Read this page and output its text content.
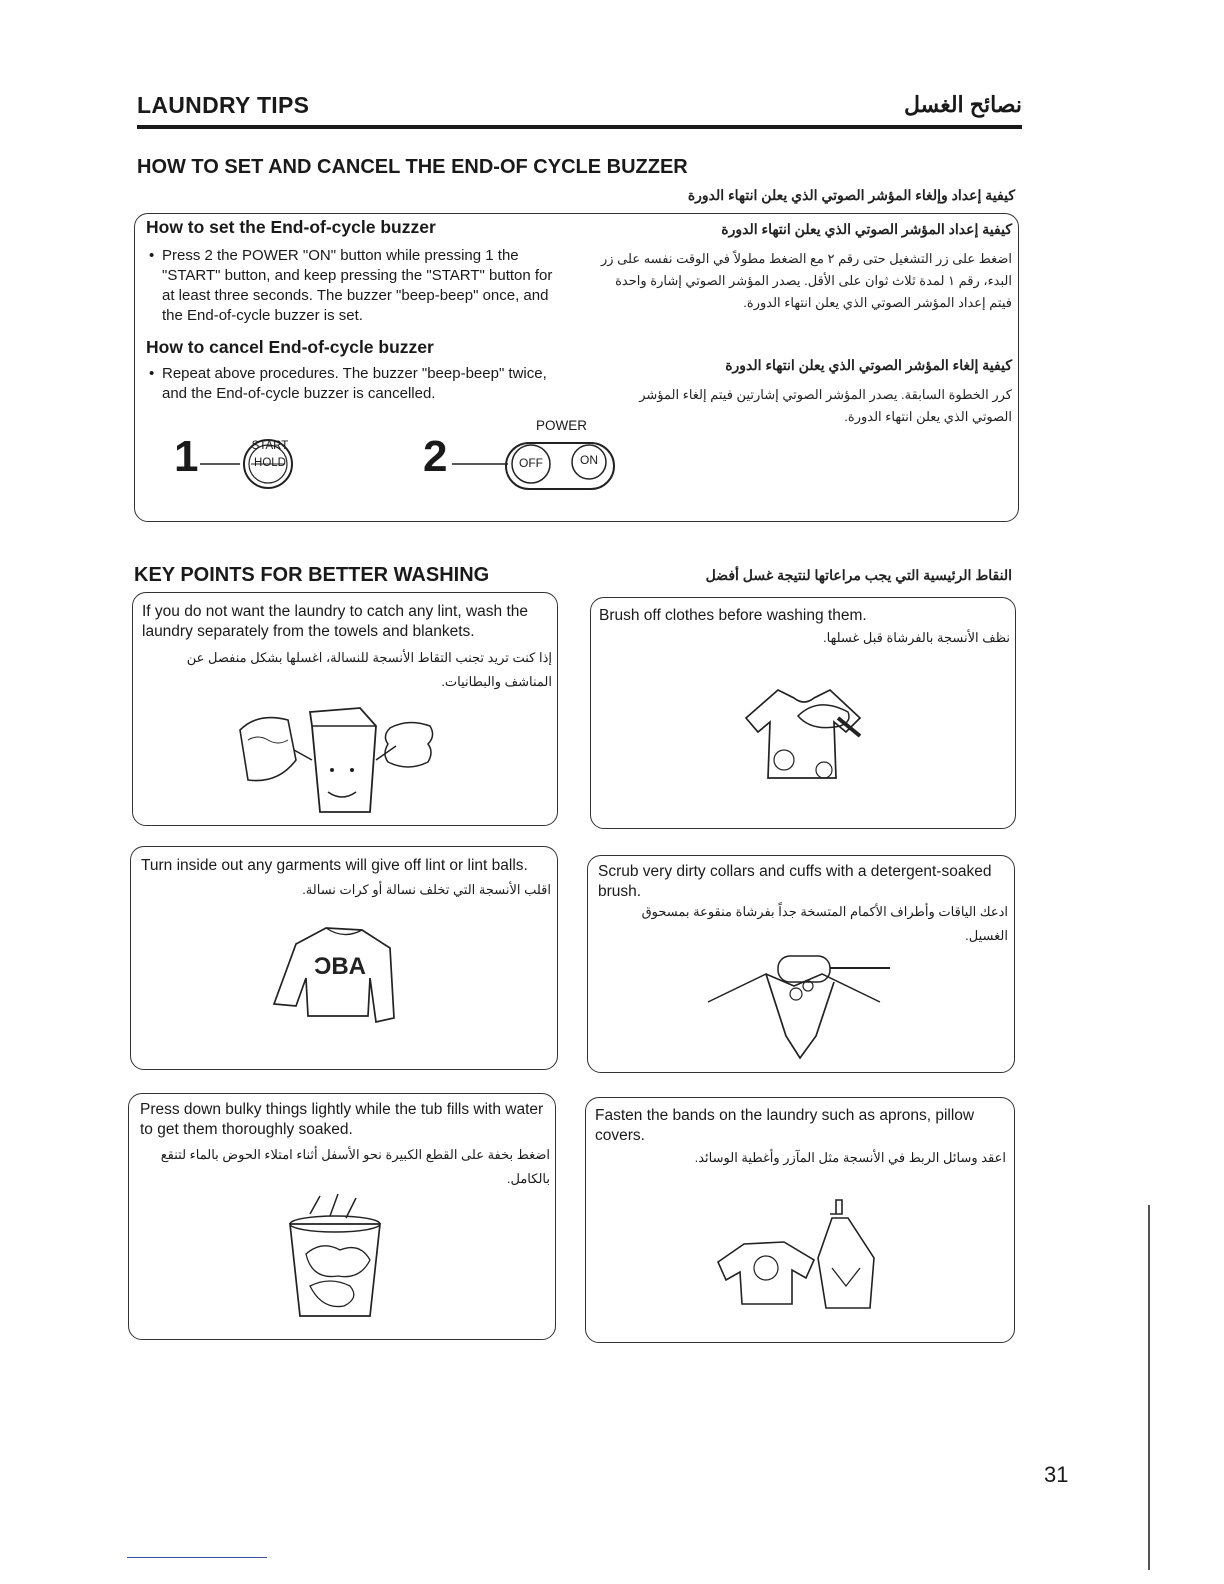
LAUNDRY TIPS	نصائح الغسل
HOW TO SET AND CANCEL THE END-OF CYCLE BUZZER
كيفية إعداد وإلغاء المؤشر الصوتي الذي يعلن انتهاء الدورة
How to set the End-of-cycle buzzer	كيفية إعداد المؤشر الصوتي الذي يعلن انتهاء الدورة
• Press 2 the POWER "ON" button while pressing 1 the "START" button, and keep pressing the "START" button for at least three seconds. The buzzer "beep-beep" once, and the End-of-cycle buzzer is set.
اضغط على زر التشغيل حتى رقم ٢ مع الضغط مطولاً في الوقت نفسه على زر البدء، رقم ١ لمدة ثلاث ثوان على الأقل. يصدر المؤشر الصوتي إشارة واحدة فيتم إعداد المؤشر الصوتي الذي يعلن انتهاء الدورة.
How to cancel End-of-cycle buzzer
كيفية إلغاء المؤشر الصوتي الذي يعلن انتهاء الدورة
• Repeat above procedures. The buzzer "beep-beep" twice, and the End-of-cycle buzzer is cancelled.	كرر الخطوة السابقة. يصدر المؤشر الصوتي إشارتين فيتم إلغاء المؤشر الصوتي الذي يعلن انتهاء الدورة.
1	START
HOLD	2
POWER
OFF	ON
KEY POINTS FOR BETTER WASHING	النقاط الرئيسية التي يجب مراعاتها لنتيجة غسل أفضل
If you do not want the laundry to catch any lint, wash the laundry separately from the towels and blankets.
إذا كنت تريد تجنب التقاط الأنسجة للنسالة، اغسلها بشكل منفصل عن المناشف والبطانيات.
Brush off clothes before washing them.
نظف الأنسجة بالفرشاة قبل غسلها.
Turn inside out any garments will give off lint or lint balls.
اقلب الأنسجة التي تخلف نسالة أو كرات نسالة.
ƆBA
Scrub very dirty collars and cuffs with a detergent-soaked brush.
ادعك الياقات وأطراف الأكمام المتسخة جداً بفرشاة منقوعة بمسحوق الغسيل.
Press down bulky things lightly while the tub fills with water to get them thoroughly soaked.
اضغط بخفة على القطع الكبيرة نحو الأسفل أثناء امتلاء الحوض بالماء لتنقع بالكامل.
Fasten the bands on the laundry such as aprons, pillow covers.
اعقد وسائل الربط في الأنسجة مثل المآزر وأغطية الوسائد.
31
